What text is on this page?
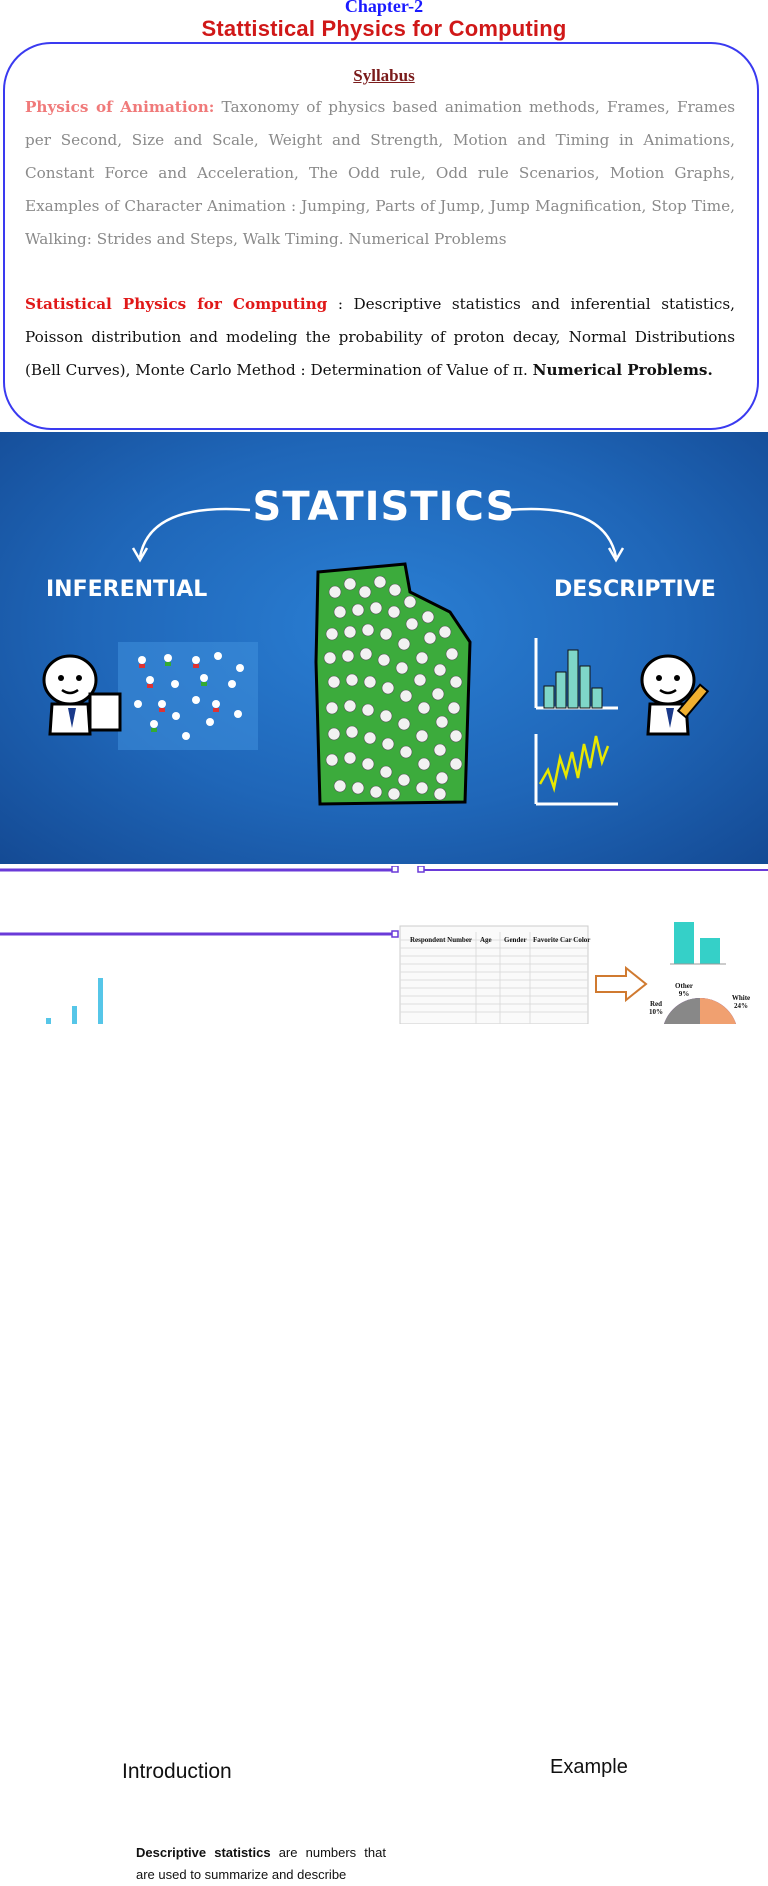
Chapter-2
Stattistical Physics for Computing
Syllabus
Physics of Animation: Taxonomy of physics based animation methods, Frames, Frames per Second, Size and Scale, Weight and Strength, Motion and Timing in Animations, Constant Force and Acceleration, The Odd rule, Odd rule Scenarios, Motion Graphs, Examples of Character Animation : Jumping, Parts of Jump, Jump Magnification, Stop Time, Walking: Strides and Steps, Walk Timing. Numerical Problems
Statistical Physics for Computing : Descriptive statistics and inferential statistics, Poisson distribution and modeling the probability of proton decay, Normal Distributions (Bell Curves), Monte Carlo Method : Determination of Value of π. Numerical Problems.
STATISTICS
INFERENTIAL	DESCRIPTIVE
Introduction	Example
Descriptive statistics are numbers that are used to summarize and describe
Respondent Number Age Gender Favorite Car Color
Other 9%	White 24%
Red 10%
